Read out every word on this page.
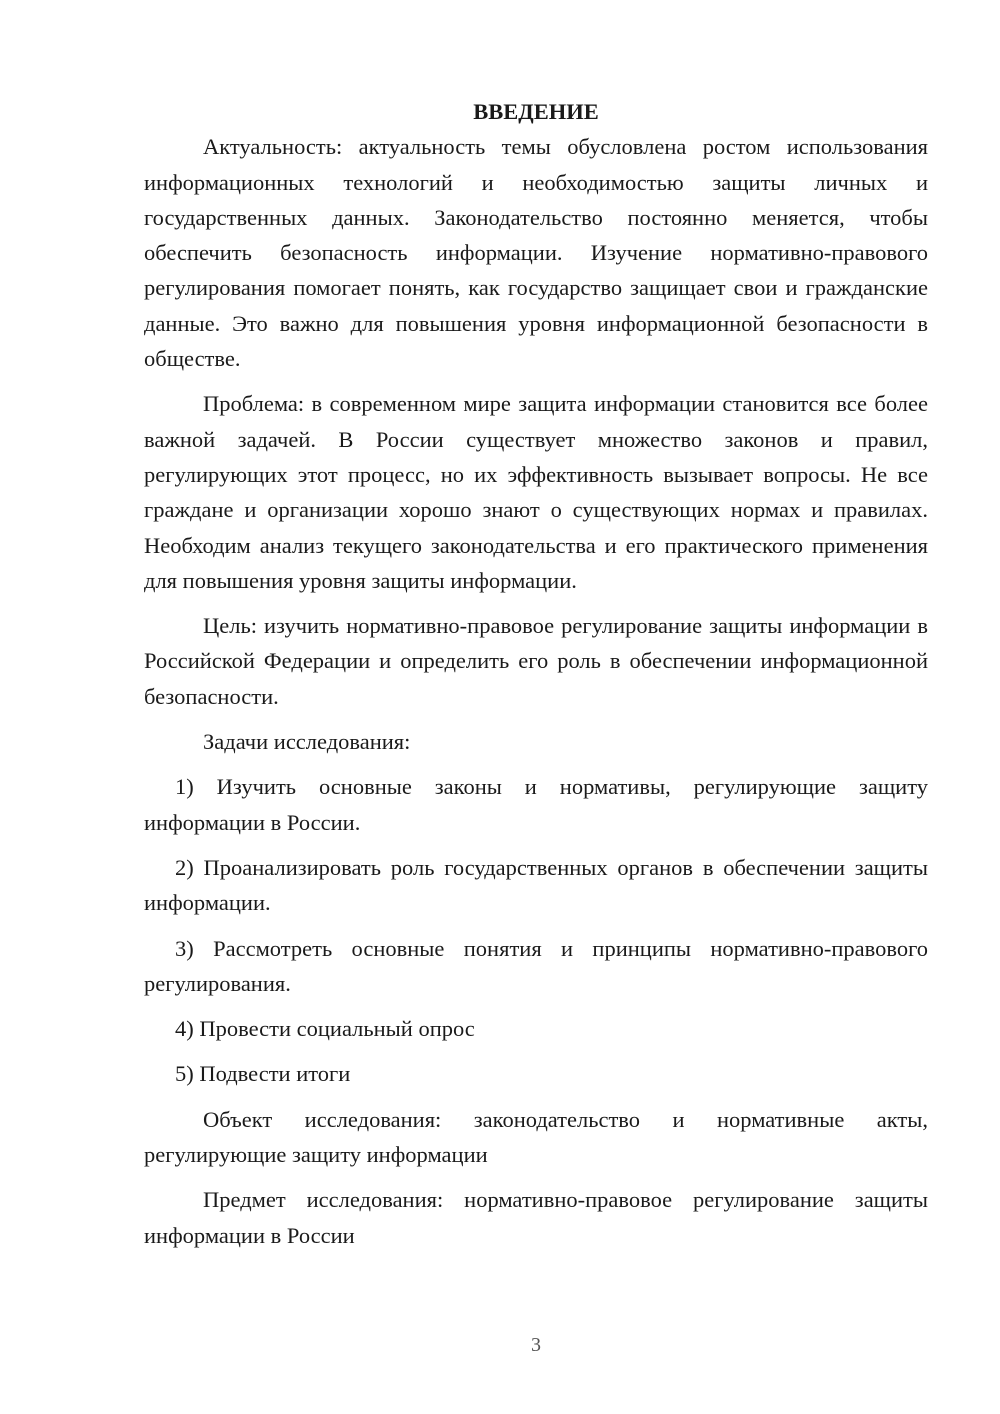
ВВЕДЕНИЕ

Актуальность: актуальность темы обусловлена ростом использования информационных технологий и необходимостью защиты личных и государственных данных. Законодательство постоянно меняется, чтобы обеспечить безопасность информации. Изучение нормативно-правового регулирования помогает понять, как государство защищает свои и гражданские данные. Это важно для повышения уровня информационной безопасности в обществе.

Проблема: в современном мире защита информации становится все более важной задачей. В России существует множество законов и правил, регулирующих этот процесс, но их эффективность вызывает вопросы. Не все граждане и организации хорошо знают о существующих нормах и правилах. Необходим анализ текущего законодательства и его практического применения для повышения уровня защиты информации.

Цель: изучить нормативно-правовое регулирование защиты информации в Российской Федерации и определить его роль в обеспечении информационной безопасности.

Задачи исследования:

1) Изучить основные законы и нормативы, регулирующие защиту информации в России.

2) Проанализировать роль государственных органов в обеспечении защиты информации.

3) Рассмотреть основные понятия и принципы нормативно-правового регулирования.

4) Провести социальный опрос

5) Подвести итоги

Объект исследования: законодательство и нормативные акты, регулирующие защиту информации

Предмет исследования: нормативно-правовое регулирование защиты информации в России

3
